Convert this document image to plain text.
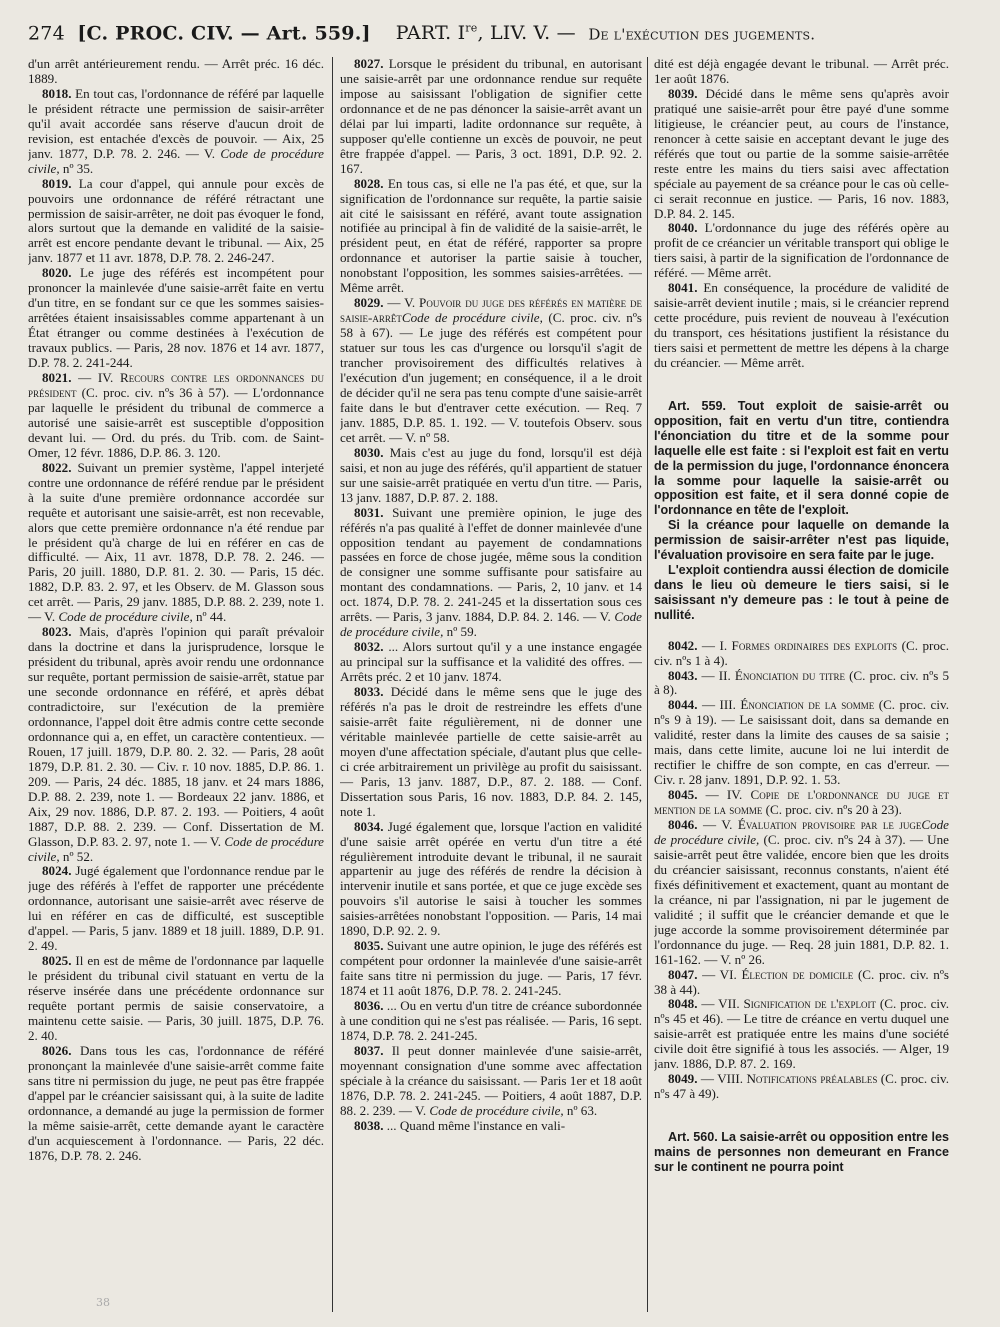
274 [C. PROC. CIV. — Art. 559.] PART. Ire, LIV. V. — De l'exécution des jugements.

d'un arrêt antérieurement rendu. — Arrêt préc. 16 déc. 1889.

8018. En tout cas, l'ordonnance de référé par laquelle le président rétracte une permission de saisir-arrêter qu'il avait accordée sans réserve d'aucun droit de revision, est entachée d'excès de pouvoir. — Aix, 25 janv. 1877, D.P. 78. 2. 246. — V. Code de procédure civile, nº 35.

8019. La cour d'appel, qui annule pour excès de pouvoirs une ordonnance de référé rétractant une permission de saisir-arrêter, ne doit pas évoquer le fond, alors surtout que la demande en validité de la saisie-arrêt est encore pendante devant le tribunal. — Aix, 25 janv. 1877 et 11 avr. 1878, D.P. 78. 2. 246-247.

8020. Le juge des référés est incompétent pour prononcer la mainlevée d'une saisie-arrêt faite en vertu d'un titre, en se fondant sur ce que les sommes saisies-arrêtées étaient insaisissables comme appartenant à un État étranger ou comme destinées à l'exécution de travaux publics. — Paris, 28 nov. 1876 et 14 avr. 1877, D.P. 78. 2. 241-244.

8021. — IV. Recours contre les ordonnances du président (C. proc. civ. nºs 36 à 57). — L'ordonnance par laquelle le président du tribunal de commerce a autorisé une saisie-arrêt est susceptible d'opposition devant lui. — Ord. du prés. du Trib. com. de Saint-Omer, 12 févr. 1886, D.P. 86. 3. 120.

8022. Suivant un premier système, l'appel interjeté contre une ordonnance de référé rendue par le président à la suite d'une première ordonnance accordée sur requête et autorisant une saisie-arrêt, est non recevable, alors que cette première ordonnance n'a été rendue par le président qu'à charge de lui en référer en cas de difficulté. — Aix, 11 avr. 1878, D.P. 78. 2. 246. — Paris, 20 juill. 1880, D.P. 81. 2. 30. — Paris, 15 déc. 1882, D.P. 83. 2. 97, et les Observ. de M. Glasson sous cet arrêt. — Paris, 29 janv. 1885, D.P. 88. 2. 239, note 1. — V. Code de procédure civile, nº 44.

8023. Mais, d'après l'opinion qui paraît prévaloir dans la doctrine et dans la jurisprudence, lorsque le président du tribunal, après avoir rendu une ordonnance sur requête, portant permission de saisie-arrêt, statue par une seconde ordonnance en référé, et après débat contradictoire, sur l'exécution de la première ordonnance, l'appel doit être admis contre cette seconde ordonnance qui a, en effet, un caractère contentieux. — Rouen, 17 juill. 1879, D.P. 80. 2. 32. — Paris, 28 août 1879, D.P. 81. 2. 30. — Civ. r. 10 nov. 1885, D.P. 86. 1. 209. — Paris, 24 déc. 1885, 18 janv. et 24 mars 1886, D.P. 88. 2. 239, note 1. — Bordeaux 22 janv. 1886, et Aix, 29 nov. 1886, D.P. 87. 2. 193. — Poitiers, 4 août 1887, D.P. 88. 2. 239. — Conf. Dissertation de M. Glasson, D.P. 83. 2. 97, note 1. — V. Code de procédure civile, nº 52.

8024. Jugé également que l'ordonnance rendue par le juge des référés à l'effet de rapporter une précédente ordonnance, autorisant une saisie-arrêt avec réserve de lui en référer en cas de difficulté, est susceptible d'appel. — Paris, 5 janv. 1889 et 18 juill. 1889, D.P. 91. 2. 49.

8025. Il en est de même de l'ordonnance par laquelle le président du tribunal civil statuant en vertu de la réserve insérée dans une précédente ordonnance sur requête portant permis de saisie conservatoire, a maintenu cette saisie. — Paris, 30 juill. 1875, D.P. 76. 2. 40.

8026. Dans tous les cas, l'ordonnance de référé prononçant la mainlevée d'une saisie-arrêt comme faite sans titre ni permission du juge, ne peut pas être frappée d'appel par le créancier saisissant qui, à la suite de ladite ordonnance, a demandé au juge la permission de former la même saisie-arrêt, cette demande ayant le caractère d'un acquiescement à l'ordonnance. — Paris, 22 déc. 1876, D.P. 78. 2. 246.

8027. Lorsque le président du tribunal, en autorisant une saisie-arrêt par une ordonnance rendue sur requête impose au saisissant l'obligation de signifier cette ordonnance et de ne pas dénoncer la saisie-arrêt avant un délai par lui imparti, ladite ordonnance sur requête, à supposer qu'elle contienne un excès de pouvoir, ne peut être frappée d'appel. — Paris, 3 oct. 1891, D.P. 92. 2. 167.

8028. En tous cas, si elle ne l'a pas été, et que, sur la signification de l'ordonnance sur requête, la partie saisie ait cité le saisissant en référé, avant toute assignation notifiée au principal à fin de validité de la saisie-arrêt, le président peut, en état de référé, rapporter sa propre ordonnance et autoriser la partie saisie à toucher, nonobstant l'opposition, les sommes saisies-arrêtées. — Même arrêt.

8029. — V. Pouvoir du juge des référés en matière de saisie-arrêtCode de procédure civile, (C. proc. civ. nºs 58 à 67). — Le juge des référés est compétent pour statuer sur tous les cas d'urgence ou lorsqu'il s'agit de trancher provisoirement des difficultés relatives à l'exécution d'un jugement; en conséquence, il a le droit de décider qu'il ne sera pas tenu compte d'une saisie-arrêt faite dans le but d'entraver cette exécution. — Req. 7 janv. 1885, D.P. 85. 1. 192. — V. toutefois Observ. sous cet arrêt. — V. nº 58.

8030. Mais c'est au juge du fond, lorsqu'il est déjà saisi, et non au juge des référés, qu'il appartient de statuer sur une saisie-arrêt pratiquée en vertu d'un titre. — Paris, 13 janv. 1887, D.P. 87. 2. 188.

8031. Suivant une première opinion, le juge des référés n'a pas qualité à l'effet de donner mainlevée d'une opposition tendant au payement de condamnations passées en force de chose jugée, même sous la condition de consigner une somme suffisante pour satisfaire au montant des condamnations. — Paris, 2, 10 janv. et 14 oct. 1874, D.P. 78. 2. 241-245 et la dissertation sous ces arrêts. — Paris, 3 janv. 1884, D.P. 84. 2. 146. — V. Code de procédure civile, nº 59.

8032. ... Alors surtout qu'il y a une instance engagée au principal sur la suffisance et la validité des offres. — Arrêts préc. 2 et 10 janv. 1874.

8033. Décidé dans le même sens que le juge des référés n'a pas le droit de restreindre les effets d'une saisie-arrêt faite régulièrement, ni de donner une véritable mainlevée partielle de cette saisie-arrêt au moyen d'une affectation spéciale, d'autant plus que celle-ci crée arbitrairement un privilège au profit du saisissant. — Paris, 13 janv. 1887, D.P., 87. 2. 188. — Conf. Dissertation sous Paris, 16 nov. 1883, D.P. 84. 2. 145, note 1.

8034. Jugé également que, lorsque l'action en validité d'une saisie arrêt opérée en vertu d'un titre a été régulièrement introduite devant le tribunal, il ne saurait appartenir au juge des référés de rendre la décision à intervenir inutile et sans portée, et que ce juge excède ses pouvoirs s'il autorise le saisi à toucher les sommes saisies-arrêtées nonobstant l'opposition. — Paris, 14 mai 1890, D.P. 92. 2. 9.

8035. Suivant une autre opinion, le juge des référés est compétent pour ordonner la mainlevée d'une saisie-arrêt faite sans titre ni permission du juge. — Paris, 17 févr. 1874 et 11 août 1876, D.P. 78. 2. 241-245.

8036. ... Ou en vertu d'un titre de créance subordonnée à une condition qui ne s'est pas réalisée. — Paris, 16 sept. 1874, D.P. 78. 2. 241-245.

8037. Il peut donner mainlevée d'une saisie-arrêt, moyennant consignation d'une somme avec affectation spéciale à la créance du saisissant. — Paris 1er et 18 août 1876, D.P. 78. 2. 241-245. — Poitiers, 4 août 1887, D.P. 88. 2. 239. — V. Code de procédure civile, nº 63.

8038. ... Quand même l'instance en vali-

dité est déjà engagée devant le tribunal. — Arrêt préc. 1er août 1876.

8039. Décidé dans le même sens qu'après avoir pratiqué une saisie-arrêt pour être payé d'une somme litigieuse, le créancier peut, au cours de l'instance, renoncer à cette saisie en acceptant devant le juge des référés que tout ou partie de la somme saisie-arrêtée reste entre les mains du tiers saisi avec affectation spéciale au payement de sa créance pour le cas où celle-ci serait reconnue en justice. — Paris, 16 nov. 1883, D.P. 84. 2. 145.

8040. L'ordonnance du juge des référés opère au profit de ce créancier un véritable transport qui oblige le tiers saisi, à partir de la signification de l'ordonnance de référé. — Même arrêt.

8041. En conséquence, la procédure de validité de saisie-arrêt devient inutile ; mais, si le créancier reprend cette procédure, puis revient de nouveau à l'exécution du transport, ces hésitations justifient la résistance du tiers saisi et permettent de mettre les dépens à la charge du créancier. — Même arrêt.

Art. 559. Tout exploit de saisie-arrêt ou opposition, fait en vertu d'un titre, contiendra l'énonciation du titre et de la somme pour laquelle elle est faite : si l'exploit est fait en vertu de la permission du juge, l'ordonnance énoncera la somme pour laquelle la saisie-arrêt ou opposition est faite, et il sera donné copie de l'ordonnance en tête de l'exploit.

Si la créance pour laquelle on demande la permission de saisir-arrêter n'est pas liquide, l'évaluation provisoire en sera faite par le juge.

L'exploit contiendra aussi élection de domicile dans le lieu où demeure le tiers saisi, si le saisissant n'y demeure pas : le tout à peine de nullité.

8042. — I. Formes ordinaires des exploits (C. proc. civ. nºs 1 à 4).

8043. — II. Énonciation du titre (C. proc. civ. nºs 5 à 8).

8044. — III. Énonciation de la somme (C. proc. civ. nºs 9 à 19). — Le saisissant doit, dans sa demande en validité, rester dans la limite des causes de sa saisie ; mais, dans cette limite, aucune loi ne lui interdit de rectifier le chiffre de son compte, en cas d'erreur. — Civ. r. 28 janv. 1891, D.P. 92. 1. 53.

8045. — IV. Copie de l'ordonnance du juge et mention de la somme (C. proc. civ. nºs 20 à 23).

8046. — V. Évaluation provisoire par le jugeCode de procédure civile, (C. proc. civ. nºs 24 à 37). — Une saisie-arrêt peut être validée, encore bien que les droits du créancier saisissant, reconnus constants, n'aient été fixés définitivement et exactement, quant au montant de la créance, ni par l'assignation, ni par le jugement de validité ; il suffit que le créancier demande et que le juge accorde la somme provisoirement déterminée par l'ordonnance du juge. — Req. 28 juin 1881, D.P. 82. 1. 161-162. — V. nº 26.

8047. — VI. Élection de domicile (C. proc. civ. nºs 38 à 44).

8048. — VII. Signification de l'exploit (C. proc. civ. nºs 45 et 46). — Le titre de créance en vertu duquel une saisie-arrêt est pratiquée entre les mains d'une société civile doit être signifié à tous les associés. — Alger, 19 janv. 1886, D.P. 87. 2. 169.

8049. — VIII. Notifications préalables (C. proc. civ. nºs 47 à 49).

Art. 560. La saisie-arrêt ou opposition entre les mains de personnes non demeurant en France sur le continent ne pourra point

38
